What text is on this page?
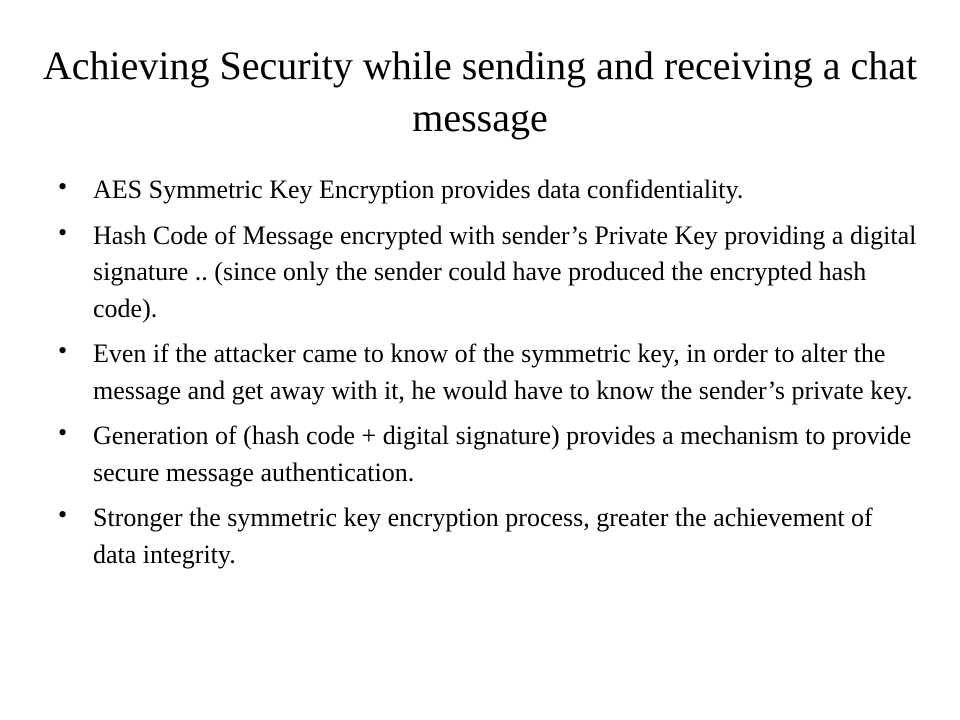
Achieving Security while sending and receiving a chat message
• AES Symmetric Key Encryption provides data confidentiality.
• Hash Code of Message encrypted with sender’s Private Key providing a digital signature .. (since only the sender could have produced the encrypted hash code).
• Even if the attacker came to know of the symmetric key, in order to alter the message and get away with it, he would have to know the sender’s private key.
• Generation of (hash code + digital signature) provides a mechanism to provide secure message authentication.
• Stronger the symmetric key encryption process, greater the achievement of data integrity.
